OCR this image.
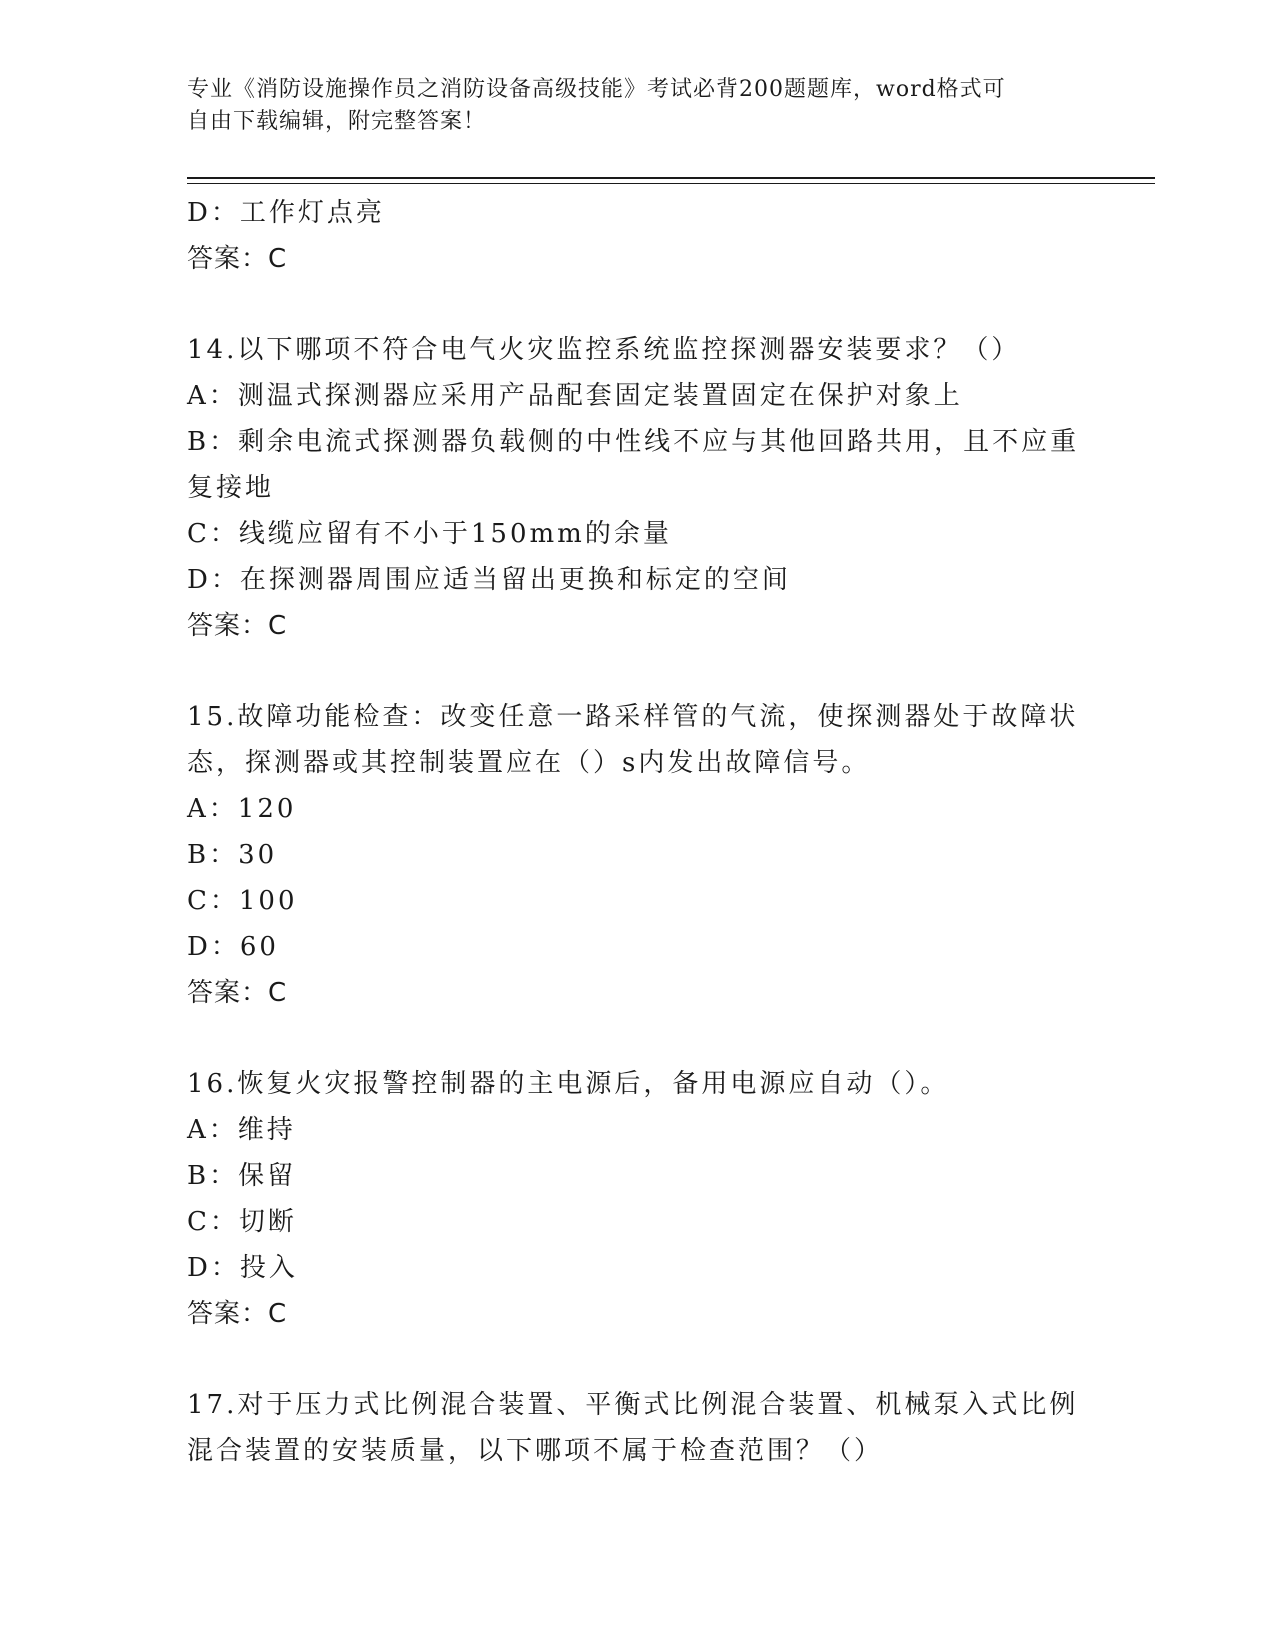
专业《消防设施操作员之消防设备高级技能》考试必背200题题库，word格式可
自由下载编辑，附完整答案！
D：工作灯点亮
答案：C
14.以下哪项不符合电气火灾监控系统监控探测器安装要求？（）
A：测温式探测器应采用产品配套固定装置固定在保护对象上
B：剩余电流式探测器负载侧的中性线不应与其他回路共用，且不应重
复接地
C：线缆应留有不小于150mm的余量
D：在探测器周围应适当留出更换和标定的空间
答案：C
15.故障功能检查：改变任意一路采样管的气流，使探测器处于故障状
态，探测器或其控制装置应在（）s内发出故障信号。
A：120
B：30
C：100
D：60
答案：C
16.恢复火灾报警控制器的主电源后，备用电源应自动（）。
A：维持
B：保留
C：切断
D：投入
答案：C
17.对于压力式比例混合装置、平衡式比例混合装置、机械泵入式比例
混合装置的安装质量，以下哪项不属于检查范围？（）
